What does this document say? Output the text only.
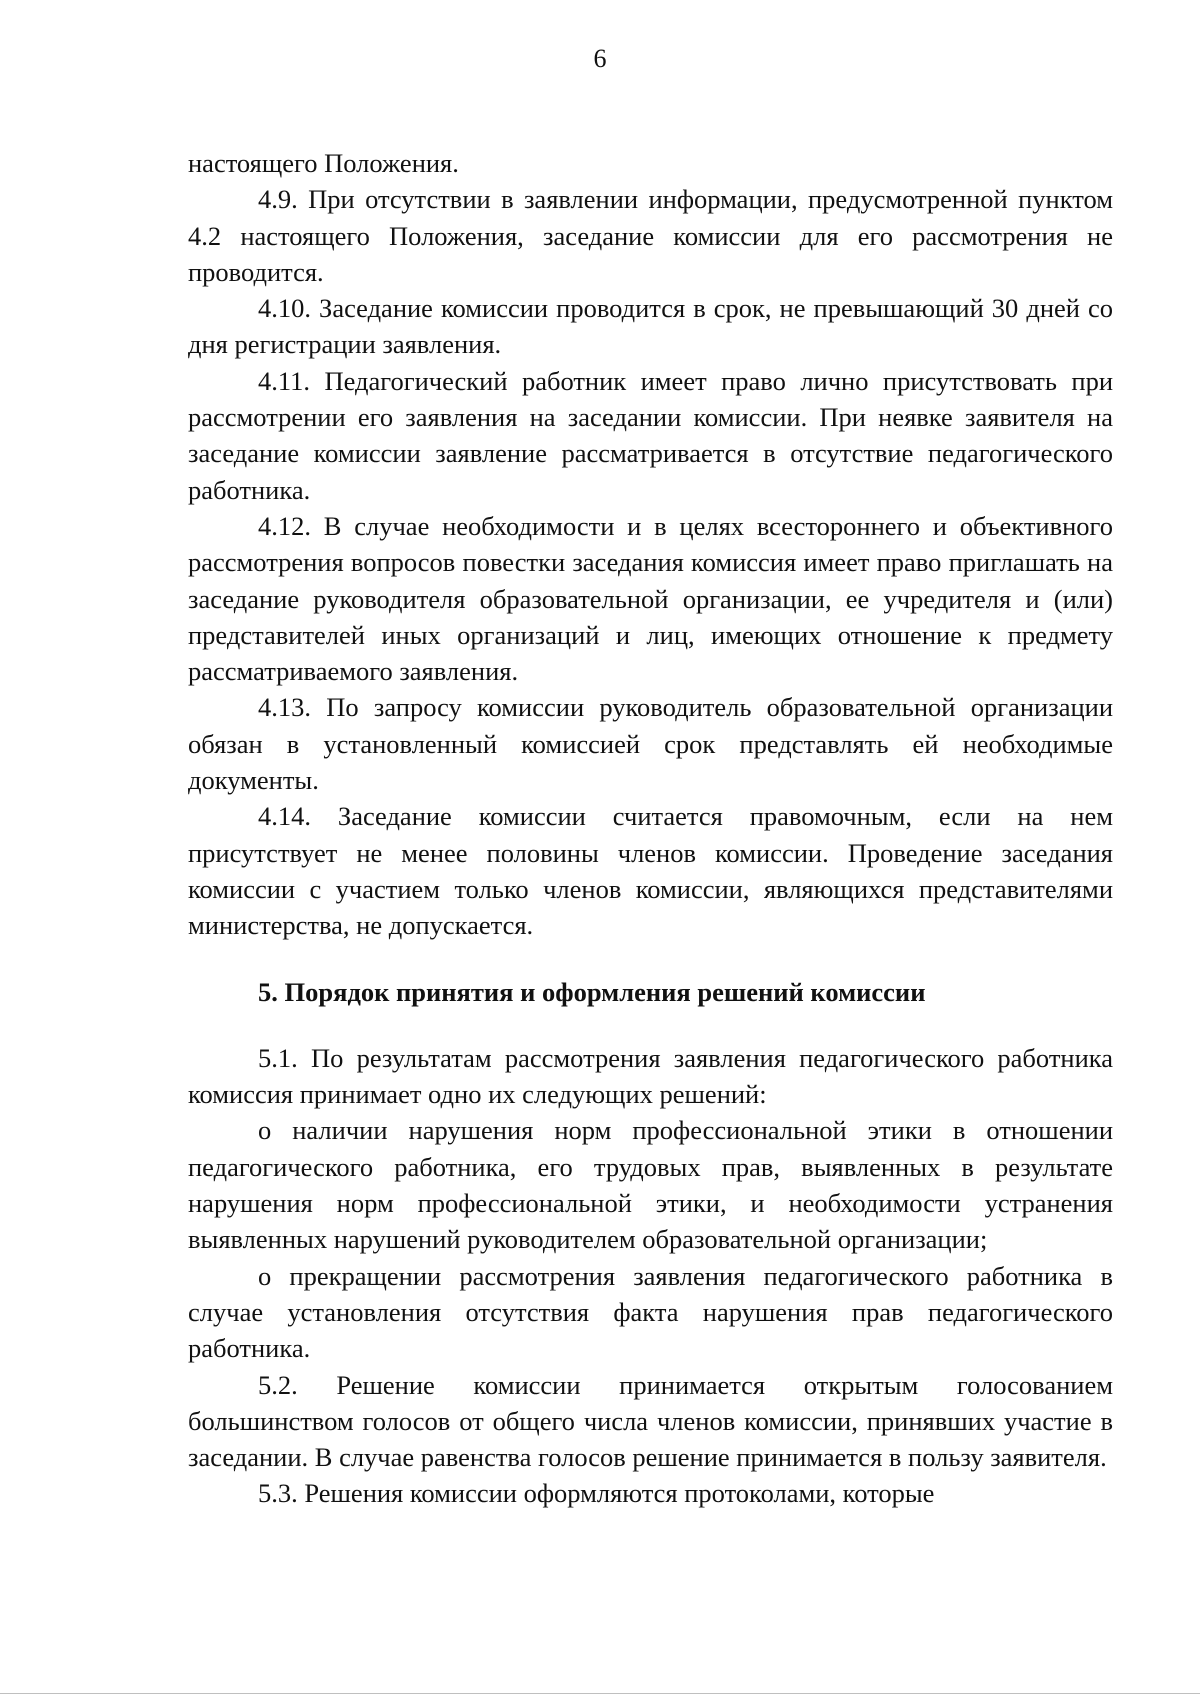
6

настоящего Положения.

4.9. При отсутствии в заявлении информации, предусмотренной пунктом 4.2 настоящего Положения, заседание комиссии для его рассмотрения не проводится.

4.10. Заседание комиссии проводится в срок, не превышающий 30 дней со дня регистрации заявления.

4.11. Педагогический работник имеет право лично присутствовать при рассмотрении его заявления на заседании комиссии. При неявке заявителя на заседание комиссии заявление рассматривается в отсутствие педагогического работника.

4.12. В случае необходимости и в целях всестороннего и объективного рассмотрения вопросов повестки заседания комиссия имеет право приглашать на заседание руководителя образовательной организации, ее учредителя и (или) представителей иных организаций и лиц, имеющих отношение к предмету рассматриваемого заявления.

4.13. По запросу комиссии руководитель образовательной организации обязан в установленный комиссией срок представлять ей необходимые документы.

4.14. Заседание комиссии считается правомочным, если на нем присутствует не менее половины членов комиссии. Проведение заседания комиссии с участием только членов комиссии, являющихся представителями министерства, не допускается.

5. Порядок принятия и оформления решений комиссии

5.1. По результатам рассмотрения заявления педагогического работника комиссия принимает одно их следующих решений:

о наличии нарушения норм профессиональной этики в отношении педагогического работника, его трудовых прав, выявленных в результате нарушения норм профессиональной этики, и необходимости устранения выявленных нарушений руководителем образовательной организации;

о прекращении рассмотрения заявления педагогического работника в случае установления отсутствия факта нарушения прав педагогического работника.

5.2. Решение комиссии принимается открытым голосованием большинством голосов от общего числа членов комиссии, принявших участие в заседании. В случае равенства голосов решение принимается в пользу заявителя.

5.3. Решения комиссии оформляются протоколами, которые
